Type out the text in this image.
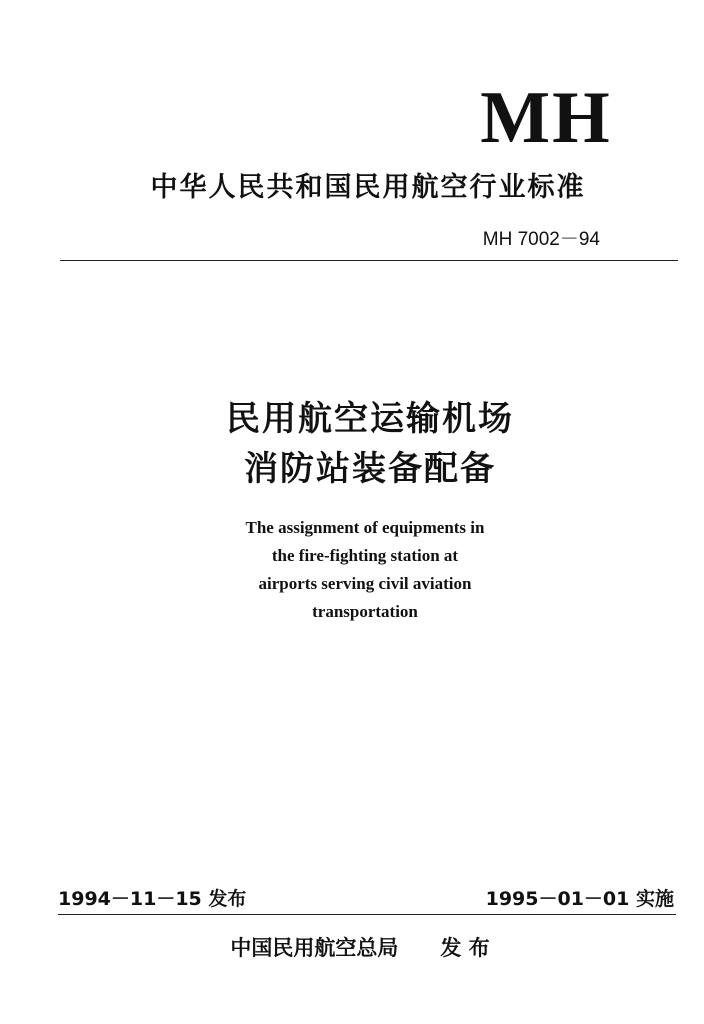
MH
中华人民共和国民用航空行业标准
MH 7002－94
民用航空运输机场
消防站装备配备
The assignment of equipments in
the fire-fighting station at
airports serving civil aviation
transportation
1994－11－15 发布	1995－01－01 实施
中国民用航空总局　　发 布
